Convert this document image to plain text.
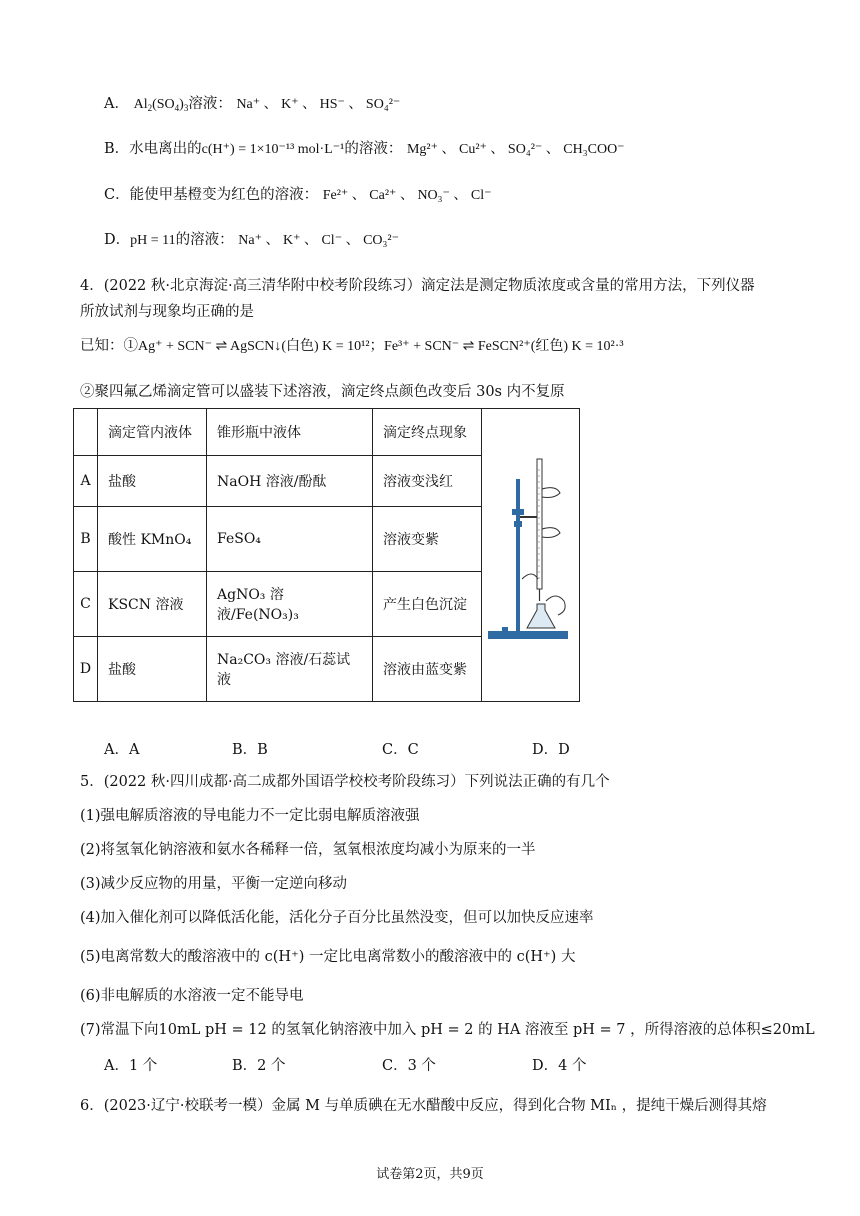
A． $Al_2(SO_4)_3$溶液： Na⁺ 、 K⁺ 、 HS⁻ 、 SO₄²⁻
B．水电离出的c(H⁺) = 1×10⁻¹³ mol·L⁻¹的溶液： Mg²⁺ 、 Cu²⁺ 、 SO₄²⁻ 、 CH₃COO⁻
C．能使甲基橙变为红色的溶液： Fe²⁺ 、 Ca²⁺ 、 NO₃⁻ 、 Cl⁻
D．pH = 11的溶液： Na⁺ 、 K⁺ 、 Cl⁻ 、 CO₃²⁻
4．(2022 秋·北京海淀·高三清华附中校考阶段练习）滴定法是测定物质浓度或含量的常用方法，下列仪器
所放试剂与现象均正确的是
已知：①Ag⁺ + SCN⁻ ⇌ AgSCN↓(白色) K = 10¹²；Fe³⁺ + SCN⁻ ⇌ FeSCN²⁺(红色) K = 10²·³
②聚四氟乙烯滴定管可以盛装下述溶液，滴定终点颜色改变后 30s 内不复原
	滴定管内液体	锥形瓶中液体	滴定终点现象	
A	盐酸	NaOH 溶液/酚酞	溶液变浅红	
B	酸性 KMnO₄	FeSO₄	溶液变紫	
C	KSCN 溶液	AgNO₃ 溶液/Fe(NO₃)₃	产生白色沉淀	
D	盐酸	Na₂CO₃ 溶液/石蕊试液	溶液由蓝变紫	
A．A	B．B	C．C	D．D
5．(2022 秋·四川成都·高二成都外国语学校校考阶段练习）下列说法正确的有几个
(1)强电解质溶液的导电能力不一定比弱电解质溶液强
(2)将氢氧化钠溶液和氨水各稀释一倍，氢氧根浓度均减小为原来的一半
(3)减少反应物的用量，平衡一定逆向移动
(4)加入催化剂可以降低活化能，活化分子百分比虽然没变，但可以加快反应速率
(5)电离常数大的酸溶液中的 c(H⁺) 一定比电离常数小的酸溶液中的 c(H⁺) 大
(6)非电解质的水溶液一定不能导电
(7)常温下向10mL pH = 12 的氢氧化钠溶液中加入 pH = 2 的 HA 溶液至 pH = 7 ，所得溶液的总体积≤20mL
A．1 个	B．2 个	C．3 个	D．4 个
6．(2023·辽宁·校联考一模）金属 M 与单质碘在无水醋酸中反应，得到化合物 MIₙ ，提纯干燥后测得其熔
试卷第2页，共9页
